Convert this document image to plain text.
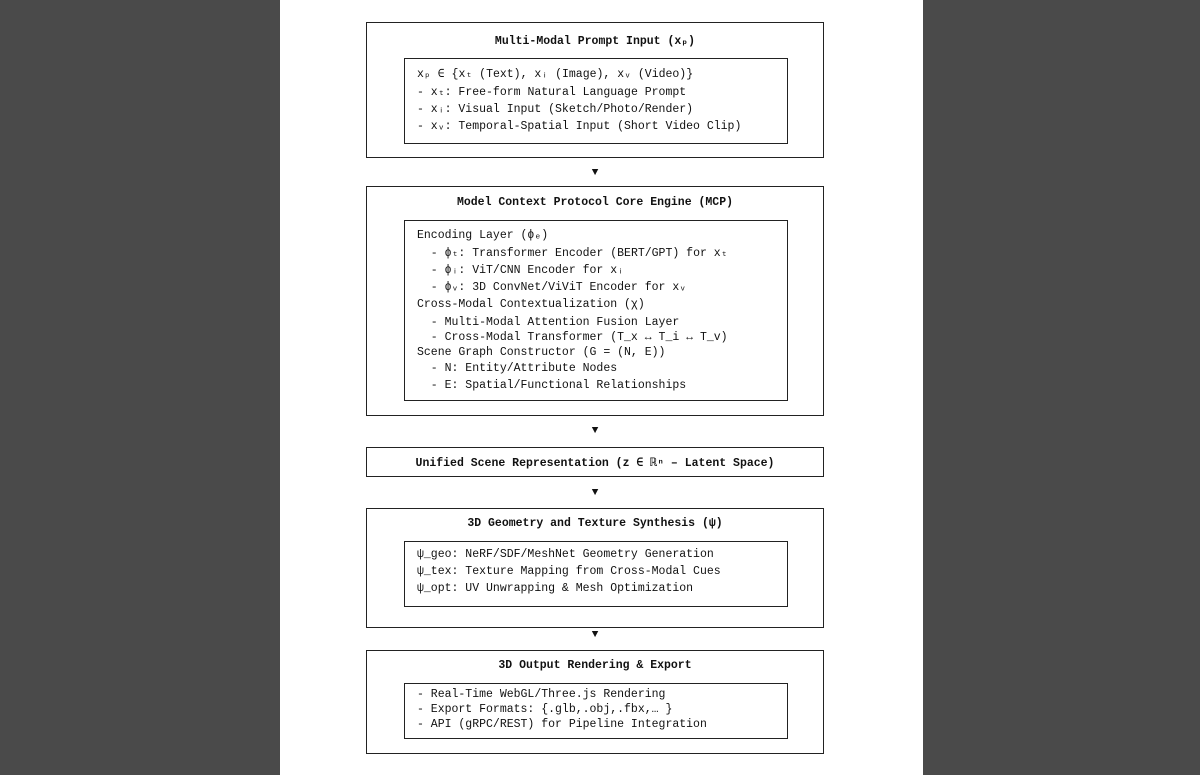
Multi-Modal Prompt Input (xₚ)
xₚ ∈ {xₜ (Text), xᵢ (Image), xᵥ (Video)}
- xₜ: Free-form Natural Language Prompt
- xᵢ: Visual Input (Sketch/Photo/Render)
- xᵥ: Temporal-Spatial Input (Short Video Clip)
▼
Model Context Protocol Core Engine (MCP)
Encoding Layer (ϕₑ)
- ϕₜ: Transformer Encoder (BERT/GPT) for xₜ
- ϕᵢ: ViT/CNN Encoder for xᵢ
- ϕᵥ: 3D ConvNet/ViViT Encoder for xᵥ
Cross-Modal Contextualization (χ)
- Multi-Modal Attention Fusion Layer
- Cross-Modal Transformer (T_x ↔ T_i ↔ T_v)
Scene Graph Constructor (G = (N, E))
- N: Entity/Attribute Nodes
- E: Spatial/Functional Relationships
▼
Unified Scene Representation (z ∈ ℝⁿ – Latent Space)
▼
3D Geometry and Texture Synthesis (ψ)
ψ_geo: NeRF/SDF/MeshNet Geometry Generation
ψ_tex: Texture Mapping from Cross-Modal Cues
ψ_opt: UV Unwrapping & Mesh Optimization
▼
3D Output Rendering & Export
- Real-Time WebGL/Three.js Rendering
- Export Formats: {.glb,.obj,.fbx,… }
- API (gRPC/REST) for Pipeline Integration
